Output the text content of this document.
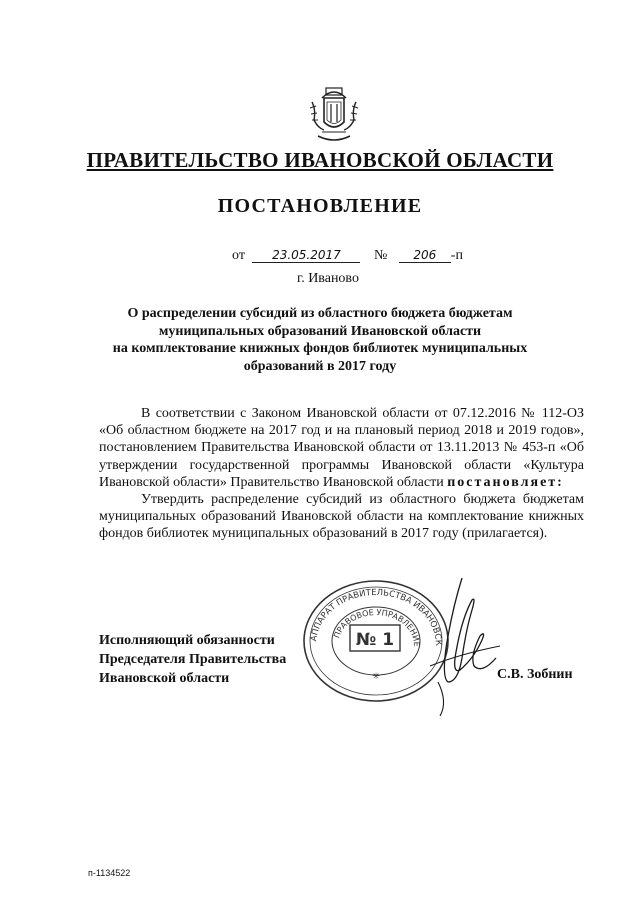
ПРАВИТЕЛЬСТВО ИВАНОВСКОЙ ОБЛАСТИ
ПОСТАНОВЛЕНИЕ
от 23.05.2017 № 206 -п
г. Иваново
О распределении субсидий из областного бюджета бюджетам
муниципальных образований Ивановской области
на комплектование книжных фондов библиотек муниципальных
образований в 2017 году

В соответствии с Законом Ивановской области от 07.12.2016 № 112-ОЗ «Об областном бюджете на 2017 год и на плановый период 2018 и 2019 годов», постановлением Правительства Ивановской области от 13.11.2013 № 453-п «Об утверждении государственной программы Ивановской области «Культура Ивановской области» Правительство Ивановской области постановляет:

Утвердить распределение субсидий из областного бюджета бюджетам муниципальных образований Ивановской области на комплектование книжных фондов библиотек муниципальных образований в 2017 году (прилагается).

АППАРАТ ПРАВИТЕЛЬСТВА ИВАНОВСК
ПРАВОВОЕ УПРАВЛЕНИЕ
№ 1
✳
Исполняющий обязанности
Председателя Правительства
Ивановской области	С.В. Зобнин
п-1134522
